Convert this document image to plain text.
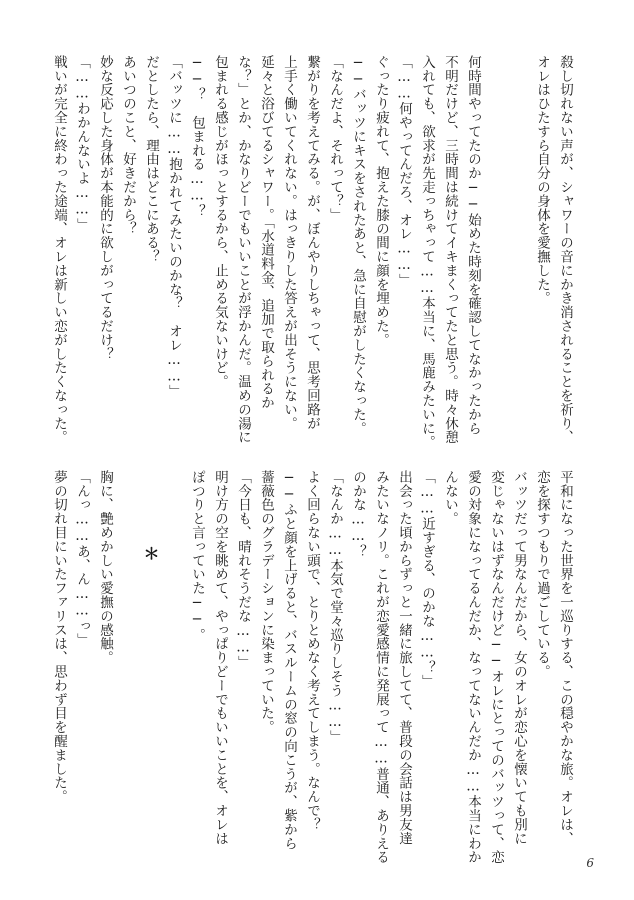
殺し切れない声が、シャワーの音にかき消されることを祈り、
オレはひたすら自分の身体を愛撫した。
何時間やってたのか──始めた時刻を確認してなかったから
不明だけど、三時間は続けてイキまくってたと思う。時々休憩
入れても、欲求が先走っちゃって……本当に、馬鹿みたいに。
「……何やってんだろ、オレ……」
ぐったり疲れて、抱えた膝の間に顔を埋めた。
──バッツにキスをされたあと、急に自慰がしたくなった。
「なんだよ、それって？」
繋がりを考えてみる。が、ぼんやりしちゃって、思考回路が
上手く働いてくれない。はっきりした答えが出そうにない。
延々と浴びてるシャワー。「水道料金、追加で取られるか
な？」とか、かなりどーでもいいことが浮かんだ。温めの湯に
包まれる感じがほっとするから、止める気ないけど。
──？　包まれる……？
「バッツに……抱かれてみたいのかな？　オレ……」
だとしたら、理由はどこにある？
あいつのこと、好きだから？
妙な反応した身体が本能的に欲しがってるだけ？
「……わかんないよ……」
戦いが完全に終わった途端、オレは新しい恋がしたくなった。
平和になった世界を一巡りする、この穏やかな旅。オレは、
恋を探すつもりで過ごしている。
バッツだって男なんだから、女のオレが恋心を懐いても別に
変じゃないはずなんだけど──オレにとってのバッツって、恋
愛の対象になってるんだか、なってないんだか……本当にわか
んない。
「……近すぎる、のかな……？」
出会った頃からずっと一緒に旅してて、普段の会話は男友達
みたいなノリ。これが恋愛感情に発展って……普通、ありえる
のかな……？
「なんか……本気で堂々巡りしそう……」
よく回らない頭で、とりとめなく考えてしまう。なんで？
──ふと顔を上げると、バスルームの窓の向こうが、紫から
薔薇色のグラデーションに染まっていた。
「今日も、晴れそうだな……」
明け方の空を眺めて、やっぱりどーでもいいことを、オレは
ぽつりと言っていた──。
＊
胸に、艶めかしい愛撫の感触。
「んっ……あ、ん……っ」
夢の切れ目にいたファリスは、思わず目を醒ました。
6
